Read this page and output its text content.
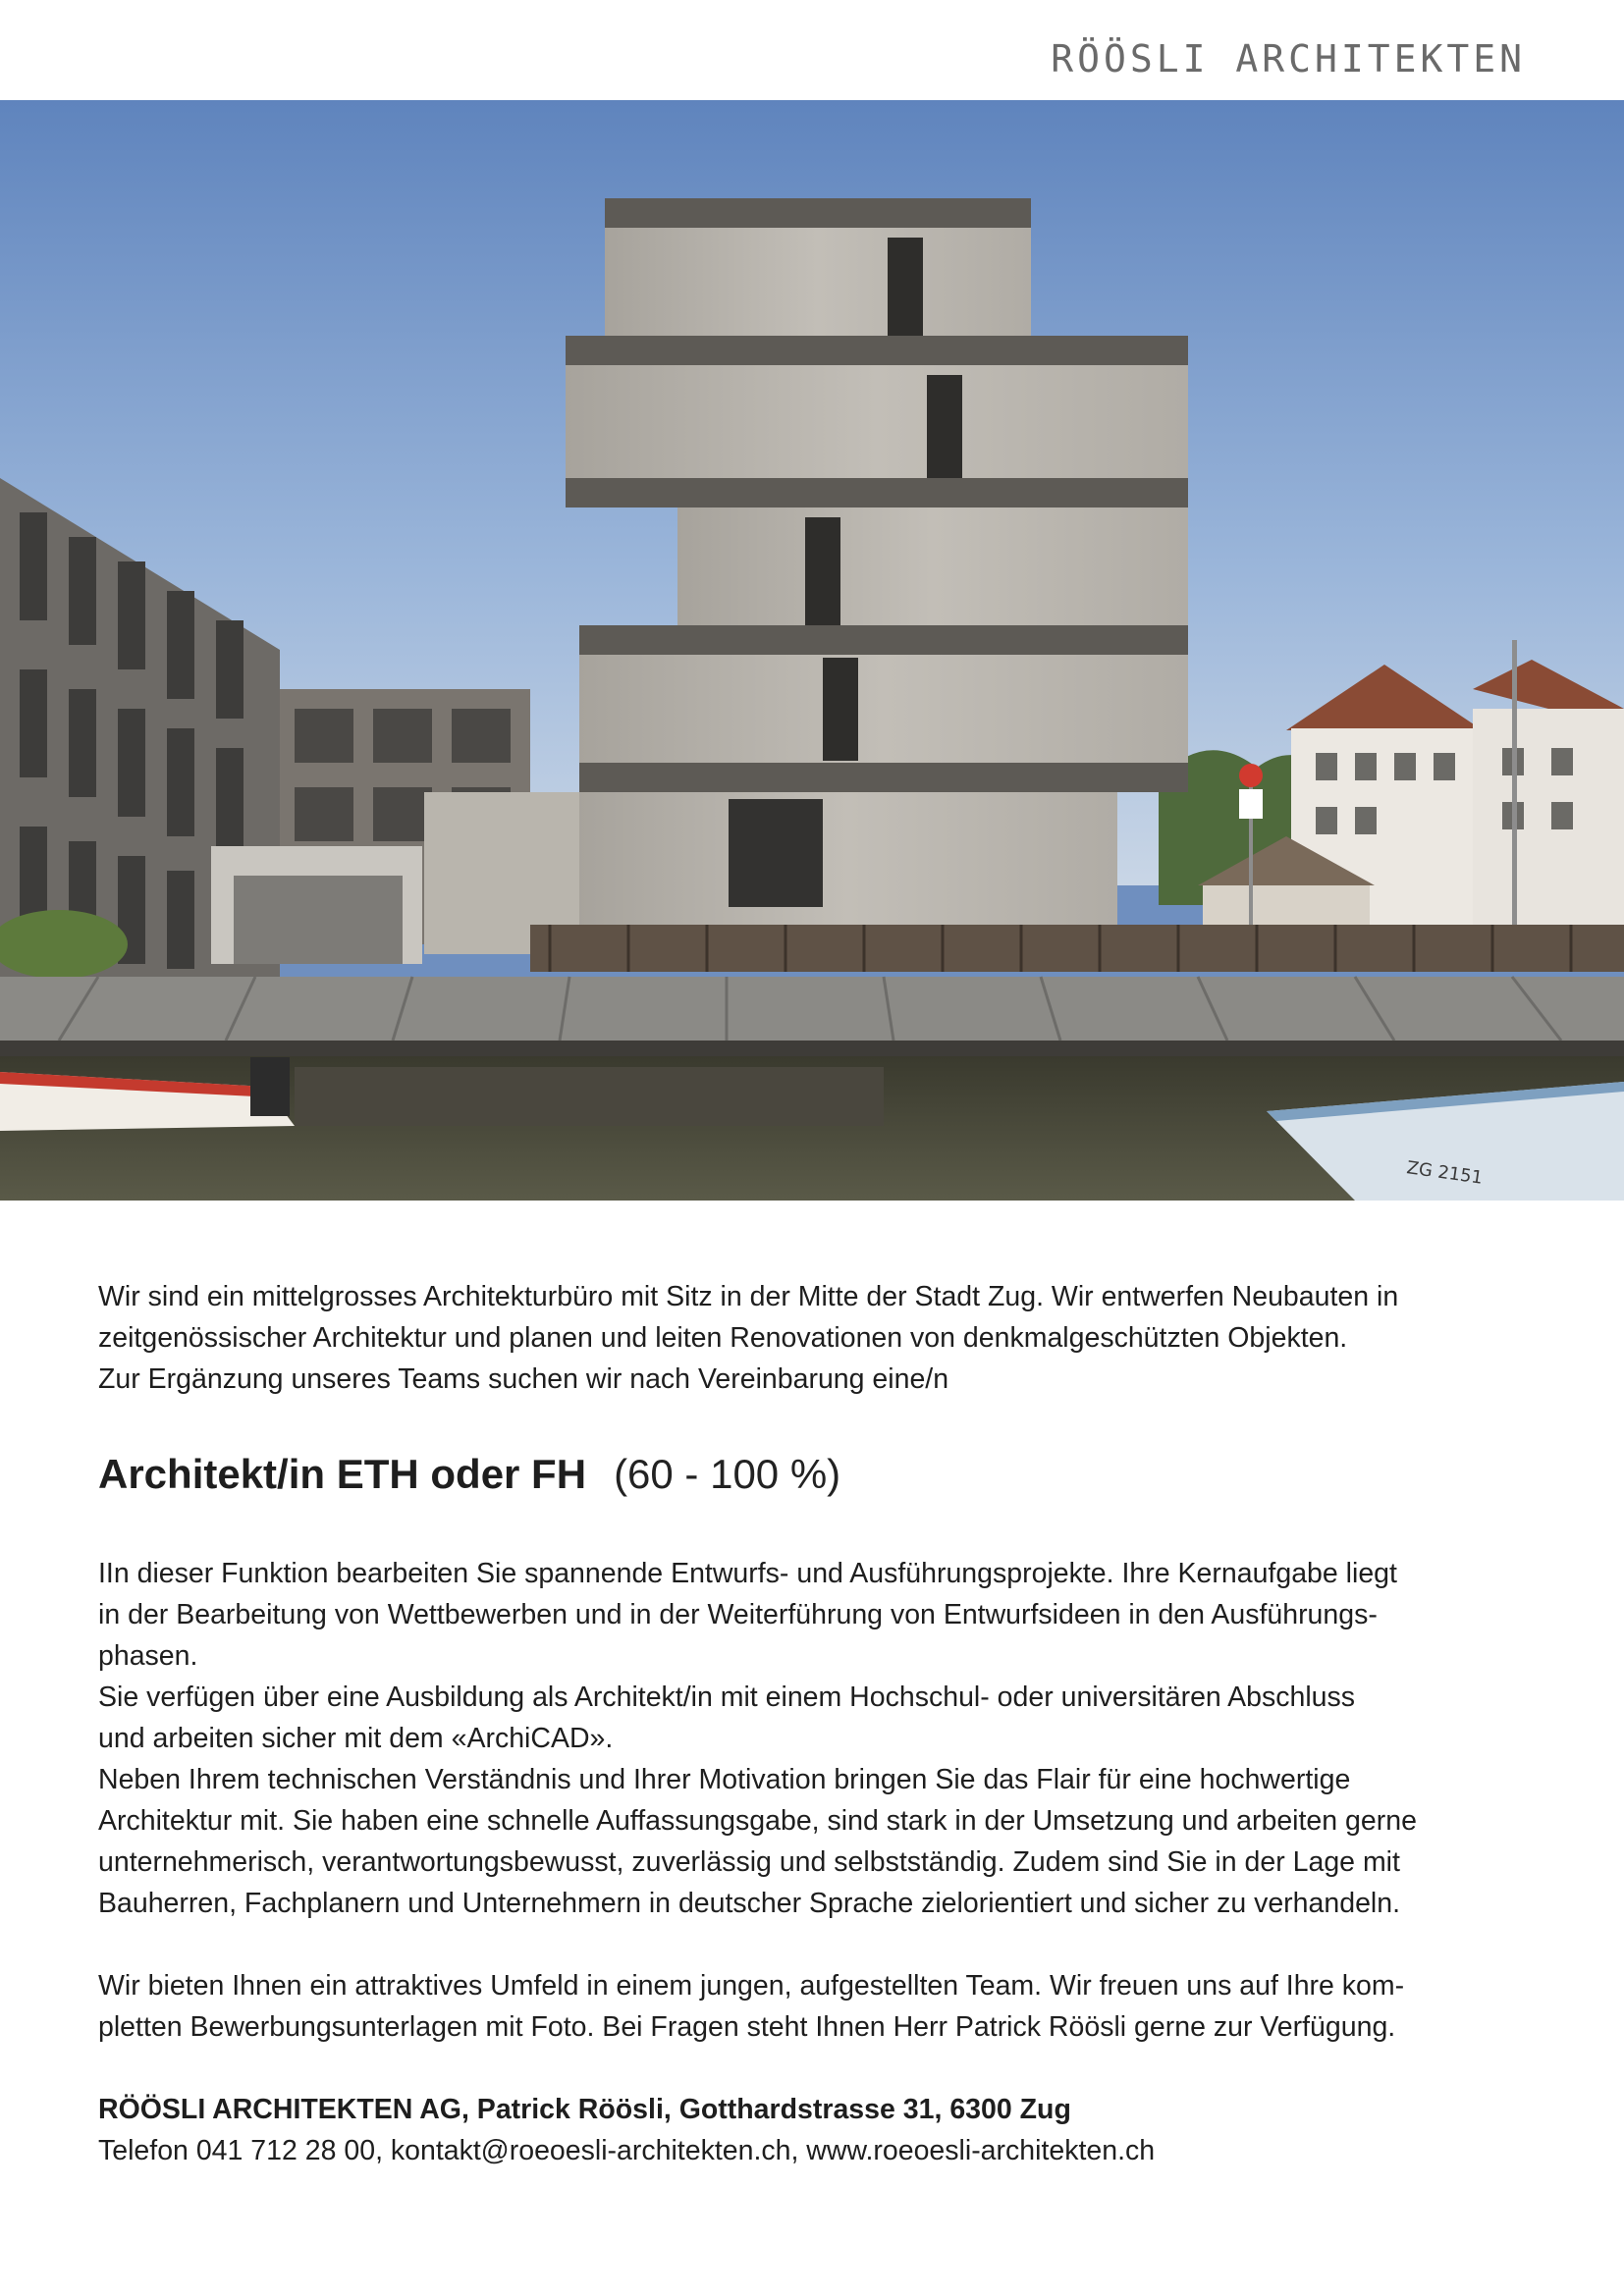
RÖÖSLI ARCHITEKTEN
ZG 2151

Wir sind ein mittelgrosses Architekturbüro mit Sitz in der Mitte der Stadt Zug. Wir entwerfen Neubauten in

zeitgenössischer Architektur und planen und leiten Renovationen von denkmalgeschützten Objekten.

Zur Ergänzung unseres Teams suchen wir nach Vereinbarung eine/n

Architekt/in ETH oder FH (60 - 100 %)

IIn dieser Funktion bearbeiten Sie spannende Entwurfs- und Ausführungsprojekte. Ihre Kernaufgabe liegt

in der Bearbeitung von Wettbewerben und in der Weiterführung von Entwurfsideen in den Ausführungs-

phasen.

Sie verfügen über eine Ausbildung als Architekt/in mit einem Hochschul- oder universitären Abschluss

und arbeiten sicher mit dem «ArchiCAD».

Neben Ihrem technischen Verständnis und Ihrer Motivation bringen Sie das Flair für eine hochwertige

Architektur mit. Sie haben eine schnelle Auffassungsgabe, sind stark in der Umsetzung und arbeiten gerne

unternehmerisch, verantwortungsbewusst, zuverlässig und selbstständig. Zudem sind Sie in der Lage mit

Bauherren, Fachplanern und Unternehmern in deutscher Sprache zielorientiert und sicher zu verhandeln.

Wir bieten Ihnen ein attraktives Umfeld in einem jungen, aufgestellten Team. Wir freuen uns auf Ihre kom-

pletten Bewerbungsunterlagen mit Foto. Bei Fragen steht Ihnen Herr Patrick Röösli gerne zur Verfügung.

RÖÖSLI ARCHITEKTEN AG, Patrick Röösli, Gotthardstrasse 31, 6300 Zug

Telefon 041 712 28 00, kontakt@roeoesli-architekten.ch, www.roeoesli-architekten.ch
